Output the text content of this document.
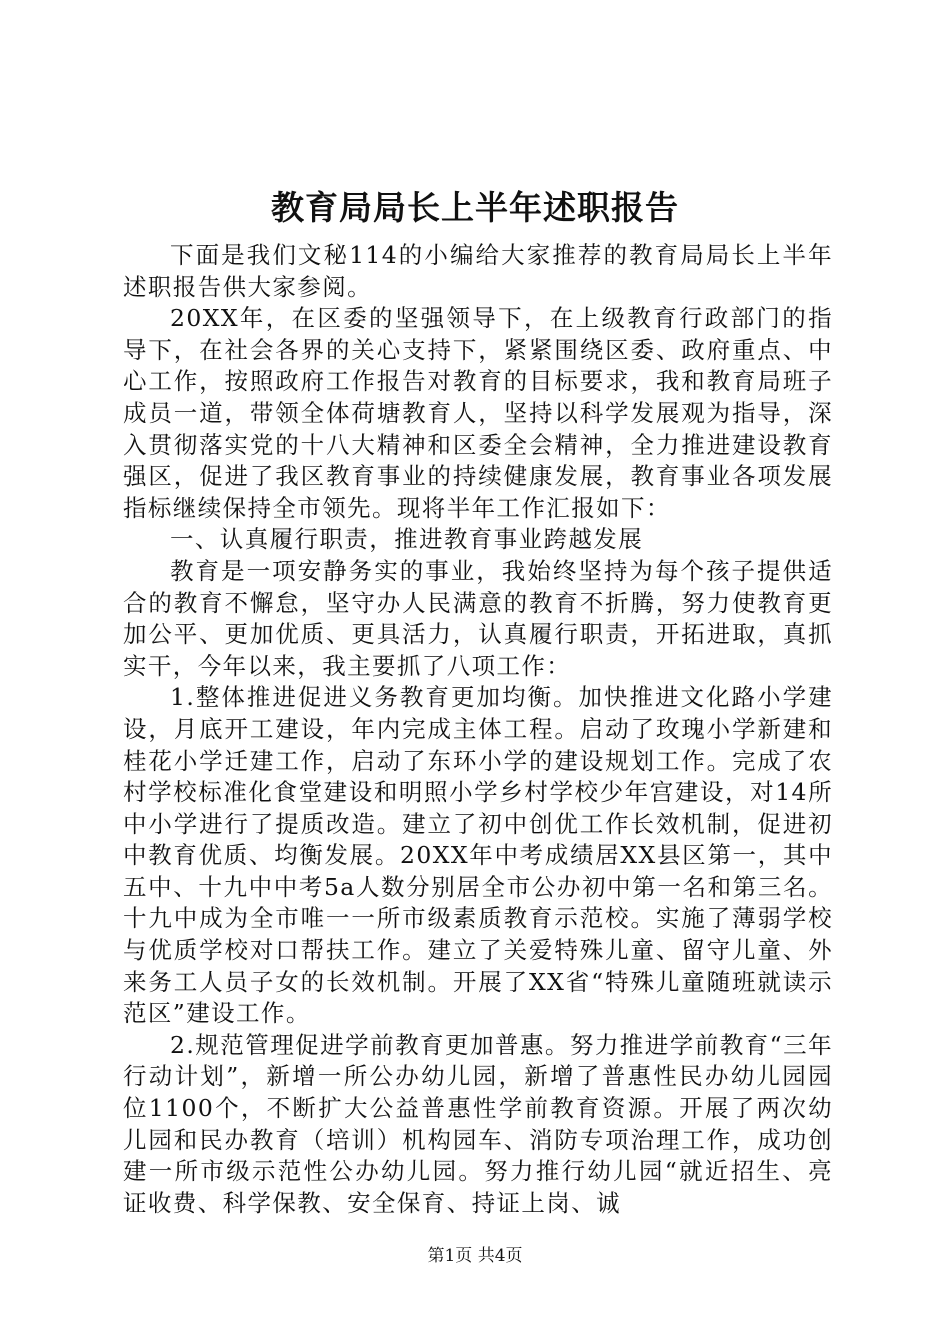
教育局局长上半年述职报告

下面是我们文秘114的小编给大家推荐的教育局局长上半年述职报告供大家参阅。

20XX年，在区委的坚强领导下，在上级教育行政部门的指导下，在社会各界的关心支持下，紧紧围绕区委、政府重点、中心工作，按照政府工作报告对教育的目标要求，我和教育局班子成员一道，带领全体荷塘教育人，坚持以科学发展观为指导，深入贯彻落实党的十八大精神和区委全会精神，全力推进建设教育强区，促进了我区教育事业的持续健康发展，教育事业各项发展指标继续保持全市领先。现将半年工作汇报如下：

一、认真履行职责，推进教育事业跨越发展

教育是一项安静务实的事业，我始终坚持为每个孩子提供适合的教育不懈怠，坚守办人民满意的教育不折腾，努力使教育更加公平、更加优质、更具活力，认真履行职责，开拓进取，真抓实干，今年以来，我主要抓了八项工作：

1.整体推进促进义务教育更加均衡。加快推进文化路小学建设，月底开工建设，年内完成主体工程。启动了玫瑰小学新建和桂花小学迁建工作，启动了东环小学的建设规划工作。完成了农村学校标准化食堂建设和明照小学乡村学校少年宫建设，对14所中小学进行了提质改造。建立了初中创优工作长效机制，促进初中教育优质、均衡发展。20XX年中考成绩居XX县区第一，其中五中、十九中中考5a人数分别居全市公办初中第一名和第三名。十九中成为全市唯一一所市级素质教育示范校。实施了薄弱学校与优质学校对口帮扶工作。建立了关爱特殊儿童、留守儿童、外来务工人员子女的长效机制。开展了XX省“特殊儿童随班就读示范区”建设工作。

2.规范管理促进学前教育更加普惠。努力推进学前教育“三年行动计划”，新增一所公办幼儿园，新增了普惠性民办幼儿园园位1100个，不断扩大公益普惠性学前教育资源。开展了两次幼儿园和民办教育（培训）机构园车、消防专项治理工作，成功创建一所市级示范性公办幼儿园。努力推行幼儿园“就近招生、亮证收费、科学保教、安全保育、持证上岗、诚

第1页 共4页
